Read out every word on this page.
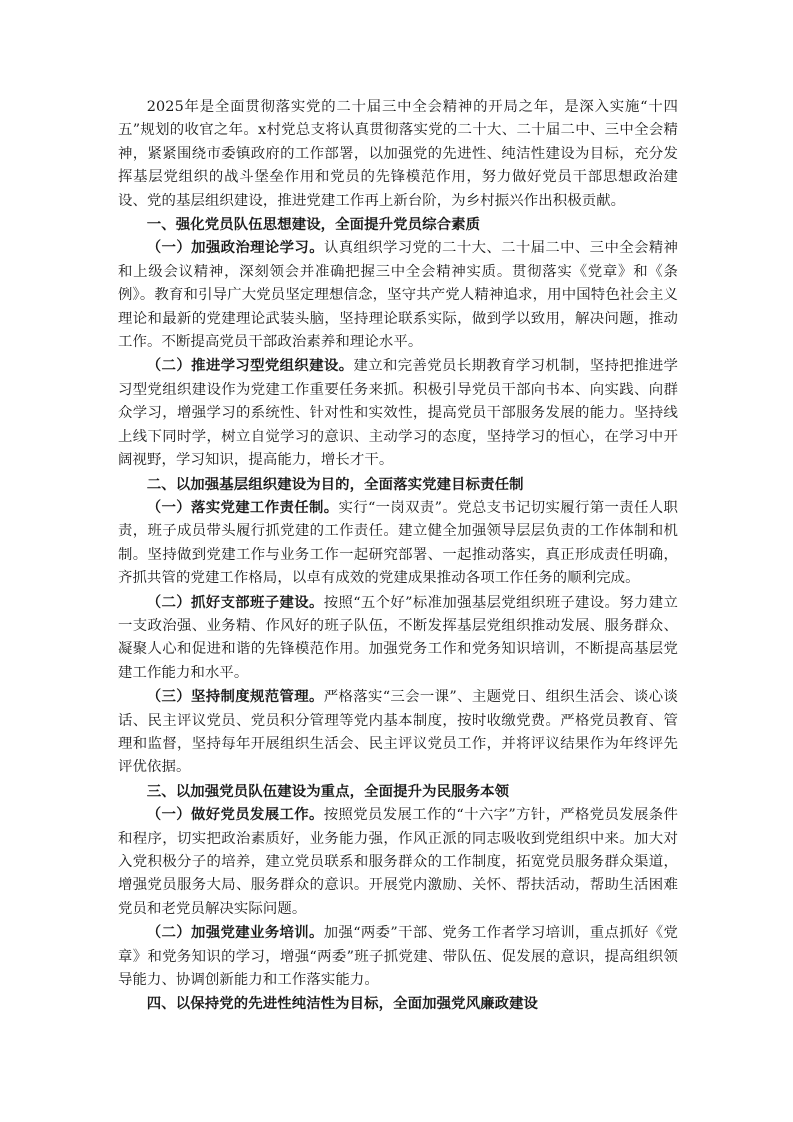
2025年是全面贯彻落实党的二十届三中全会精神的开局之年，是深入实施“十四五”规划的收官之年。x村党总支将认真贯彻落实党的二十大、二十届二中、三中全会精神，紧紧围绕市委镇政府的工作部署，以加强党的先进性、纯洁性建设为目标，充分发挥基层党组织的战斗堡垒作用和党员的先锋模范作用，努力做好党员干部思想政治建设、党的基层组织建设，推进党建工作再上新台阶，为乡村振兴作出积极贡献。

一、强化党员队伍思想建设，全面提升党员综合素质

（一）加强政治理论学习。认真组织学习党的二十大、二十届二中、三中全会精神和上级会议精神，深刻领会并准确把握三中全会精神实质。贯彻落实《党章》和《条例》。教育和引导广大党员坚定理想信念，坚守共产党人精神追求，用中国特色社会主义理论和最新的党建理论武装头脑，坚持理论联系实际，做到学以致用，解决问题，推动工作。不断提高党员干部政治素养和理论水平。

（二）推进学习型党组织建设。建立和完善党员长期教育学习机制，坚持把推进学习型党组织建设作为党建工作重要任务来抓。积极引导党员干部向书本、向实践、向群众学习，增强学习的系统性、针对性和实效性，提高党员干部服务发展的能力。坚持线上线下同时学，树立自觉学习的意识、主动学习的态度，坚持学习的恒心，在学习中开阔视野，学习知识，提高能力，增长才干。

二、以加强基层组织建设为目的，全面落实党建目标责任制

（一）落实党建工作责任制。实行“一岗双责”。党总支书记切实履行第一责任人职责，班子成员带头履行抓党建的工作责任。建立健全加强领导层层负责的工作体制和机制。坚持做到党建工作与业务工作一起研究部署、一起推动落实，真正形成责任明确，齐抓共管的党建工作格局，以卓有成效的党建成果推动各项工作任务的顺利完成。

（二）抓好支部班子建设。按照“五个好”标准加强基层党组织班子建设。努力建立一支政治强、业务精、作风好的班子队伍，不断发挥基层党组织推动发展、服务群众、凝聚人心和促进和谐的先锋模范作用。加强党务工作和党务知识培训，不断提高基层党建工作能力和水平。

（三）坚持制度规范管理。严格落实“三会一课”、主题党日、组织生活会、谈心谈话、民主评议党员、党员积分管理等党内基本制度，按时收缴党费。严格党员教育、管理和监督，坚持每年开展组织生活会、民主评议党员工作，并将评议结果作为年终评先评优依据。

三、以加强党员队伍建设为重点，全面提升为民服务本领

（一）做好党员发展工作。按照党员发展工作的“十六字”方针，严格党员发展条件和程序，切实把政治素质好，业务能力强，作风正派的同志吸收到党组织中来。加大对入党积极分子的培养，建立党员联系和服务群众的工作制度，拓宽党员服务群众渠道，增强党员服务大局、服务群众的意识。开展党内激励、关怀、帮扶活动，帮助生活困难党员和老党员解决实际问题。

（二）加强党建业务培训。加强“两委”干部、党务工作者学习培训，重点抓好《党章》和党务知识的学习，增强“两委”班子抓党建、带队伍、促发展的意识，提高组织领导能力、协调创新能力和工作落实能力。

四、以保持党的先进性纯洁性为目标，全面加强党风廉政建设
